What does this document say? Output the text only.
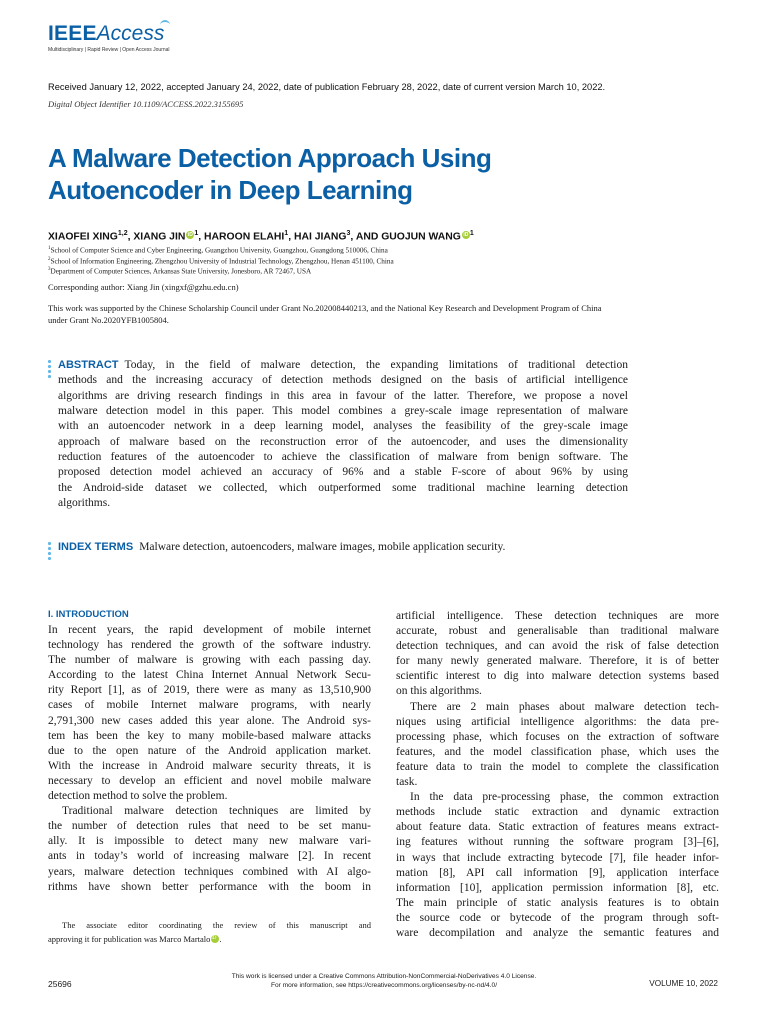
IEEEAccess
Multidisciplinary | Rapid Review | Open Access Journal
Received January 12, 2022, accepted January 24, 2022, date of publication February 28, 2022, date of current version March 10, 2022.
Digital Object Identifier 10.1109/ACCESS.2022.3155695
A Malware Detection Approach Using
Autoencoder in Deep Learning
XIAOFEI XING$^{1,2}$, XIANG JIN iD $^1$, HAROON ELAHI$^1$, HAI JIANG$^3$, AND GUOJUN WANG iD $^1$
$^1$School of Computer Science and Cyber Engineering, Guangzhou University, Guangzhou, Guangdong 510006, China
$^2$School of Information Engineering, Zhengzhou University of Industrial Technology, Zhengzhou, Henan 451100, China
$^3$Department of Computer Sciences, Arkansas State University, Jonesboro, AR 72467, USA
Corresponding author: Xiang Jin (xingxf@gzhu.edu.cn)
This work was supported by the Chinese Scholarship Council under Grant No.202008440213, and the National Key Research and Development Program of China under Grant No.2020YFB1005804.
ABSTRACT Today, in the field of malware detection, the expanding limitations of traditional detection
methods and the increasing accuracy of detection methods designed on the basis of artificial intelligence
algorithms are driving research findings in this area in favour of the latter. Therefore, we propose a novel
malware detection model in this paper. This model combines a grey-scale image representation of malware
with an autoencoder network in a deep learning model, analyses the feasibility of the grey-scale image
approach of malware based on the reconstruction error of the autoencoder, and uses the dimensionality
reduction features of the autoencoder to achieve the classification of malware from benign software. The
proposed detection model achieved an accuracy of 96% and a stable F-score of about 96% by using
the Android-side dataset we collected, which outperformed some traditional machine learning detection
algorithms.
INDEX TERMS Malware detection, autoencoders, malware images, mobile application security.
I. INTRODUCTION
In recent years, the rapid development of mobile internet
technology has rendered the growth of the software industry.
The number of malware is growing with each passing day.
According to the latest China Internet Annual Network Secu-
rity Report [1], as of 2019, there were as many as 13,510,900
cases of mobile Internet malware programs, with nearly
2,791,300 new cases added this year alone. The Android sys-
tem has been the key to many mobile-based malware attacks
due to the open nature of the Android application market.
With the increase in Android malware security threats, it is
necessary to develop an efficient and novel mobile malware
detection method to solve the problem.
Traditional malware detection techniques are limited by
the number of detection rules that need to be set manu-
ally. It is impossible to detect many new malware vari-
ants in today’s world of increasing malware [2]. In recent
years, malware detection techniques combined with AI algo-
rithms have shown better performance with the boom in
artificial intelligence. These detection techniques are more
accurate, robust and generalisable than traditional malware
detection techniques, and can avoid the risk of false detection
for many newly generated malware. Therefore, it is of better
scientific interest to dig into malware detection systems based
on this algorithms.
There are 2 main phases about malware detection tech-
niques using artificial intelligence algorithms: the data pre-
processing phase, which focuses on the extraction of software
features, and the model classification phase, which uses the
feature data to train the model to complete the classification
task.
In the data pre-processing phase, the common extraction
methods include static extraction and dynamic extraction
about feature data. Static extraction of features means extract-
ing features without running the software program [3]–[6],
in ways that include extracting bytecode [7], file header infor-
mation [8], API call information [9], application interface
information [10], application permission information [8], etc.
The main principle of static analysis features is to obtain
the source code or bytecode of the program through soft-
ware decompilation and analyze the semantic features and
The associate editor coordinating the review of this manuscript and
approving it for publication was Marco MartaloiD .
This work is licensed under a Creative Commons Attribution-NonCommercial-NoDerivatives 4.0 License.
For more information, see https://creativecommons.org/licenses/by-nc-nd/4.0/
25696	VOLUME 10, 2022
